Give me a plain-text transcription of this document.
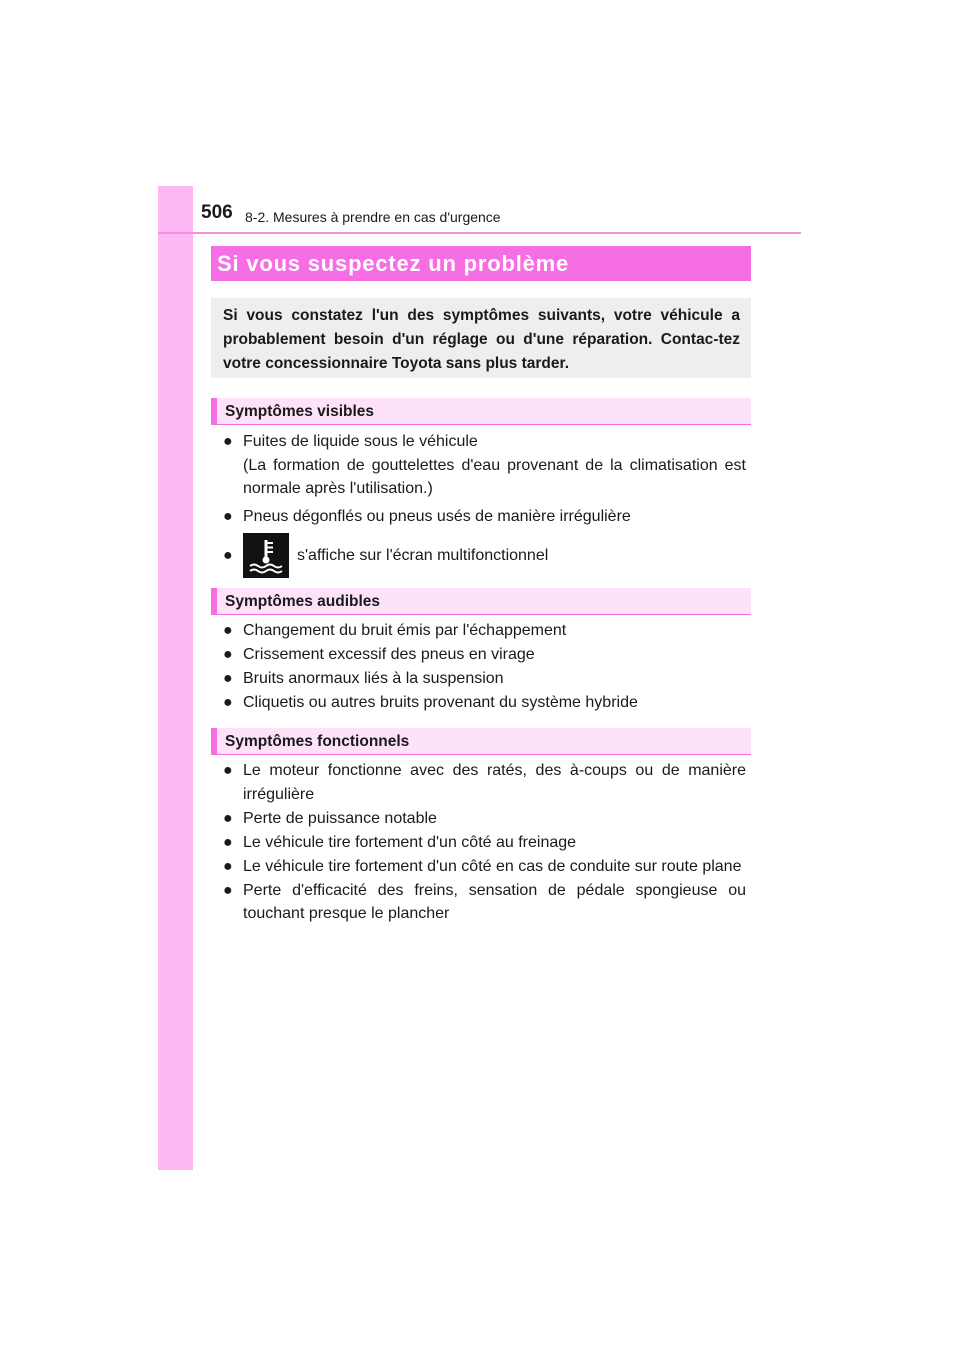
506 8-2. Mesures à prendre en cas d'urgence
Si vous suspectez un problème
Si vous constatez l'un des symptômes suivants, votre véhicule a probablement besoin d'un réglage ou d'une réparation. Contac-tez votre concessionnaire Toyota sans plus tarder.
Symptômes visibles
● Fuites de liquide sous le véhicule
(La formation de gouttelettes d'eau provenant de la climatisation est normale après l'utilisation.)
● Pneus dégonflés ou pneus usés de manière irrégulière
●	s'affiche sur l'écran multifonctionnel
Symptômes audibles
● Changement du bruit émis par l'échappement
● Crissement excessif des pneus en virage
● Bruits anormaux liés à la suspension
● Cliquetis ou autres bruits provenant du système hybride
Symptômes fonctionnels
● Le moteur fonctionne avec des ratés, des à-coups ou de manière irrégulière
● Perte de puissance notable
● Le véhicule tire fortement d'un côté au freinage
● Le véhicule tire fortement d'un côté en cas de conduite sur route plane
● Perte d'efficacité des freins, sensation de pédale spongieuse ou touchant presque le plancher
